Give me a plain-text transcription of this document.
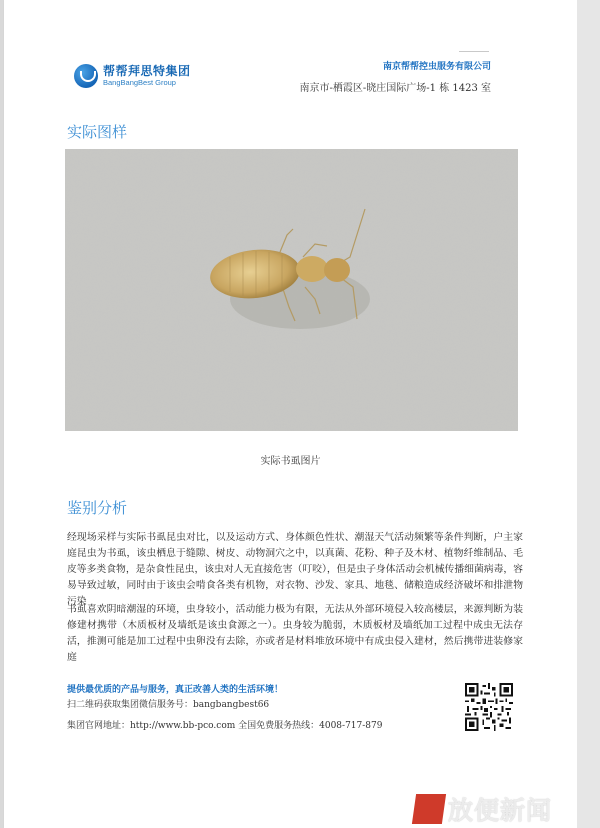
帮帮拜思特集团
BangBangBest Group
南京帮帮控虫服务有限公司
南京市-栖霞区-晓庄国际广场-1 栋 1423 室
实际图样
实际书虱图片
鉴别分析
经现场采样与实际书虱昆虫对比，以及运动方式、身体颜色性状、潮湿天气活动频繁等条件判断，户主家庭昆虫为书虱，该虫栖息于缝隙、树皮、动物洞穴之中，以真菌、花粉、种子及木材、植物纤维制品、毛皮等多类食物，是杂食性昆虫，该虫对人无直接危害（叮咬），但是虫子身体活动会机械传播细菌病毒，容易导致过敏，同时由于该虫会啃食各类有机物，对衣物、沙发、家具、地毯、储粮造成经济破坏和排泄物污染
书虱喜欢阴暗潮湿的环境，虫身较小，活动能力极为有限，无法从外部环境侵入较高楼层，来源判断为装修建材携带（木质板材及墙纸是该虫食源之一）。虫身较为脆弱，木质板材及墙纸加工过程中成虫无法存活，推测可能是加工过程中虫卵没有去除，亦或者是材料堆放环境中有成虫侵入建材，然后携带进装修家庭
提供最优质的产品与服务，真正改善人类的生活环境！
扫二维码获取集团微信服务号：bangbangbest66
集团官网地址：http://www.bb-pco.com 全国免费服务热线：4008-717-879
放便新闻
